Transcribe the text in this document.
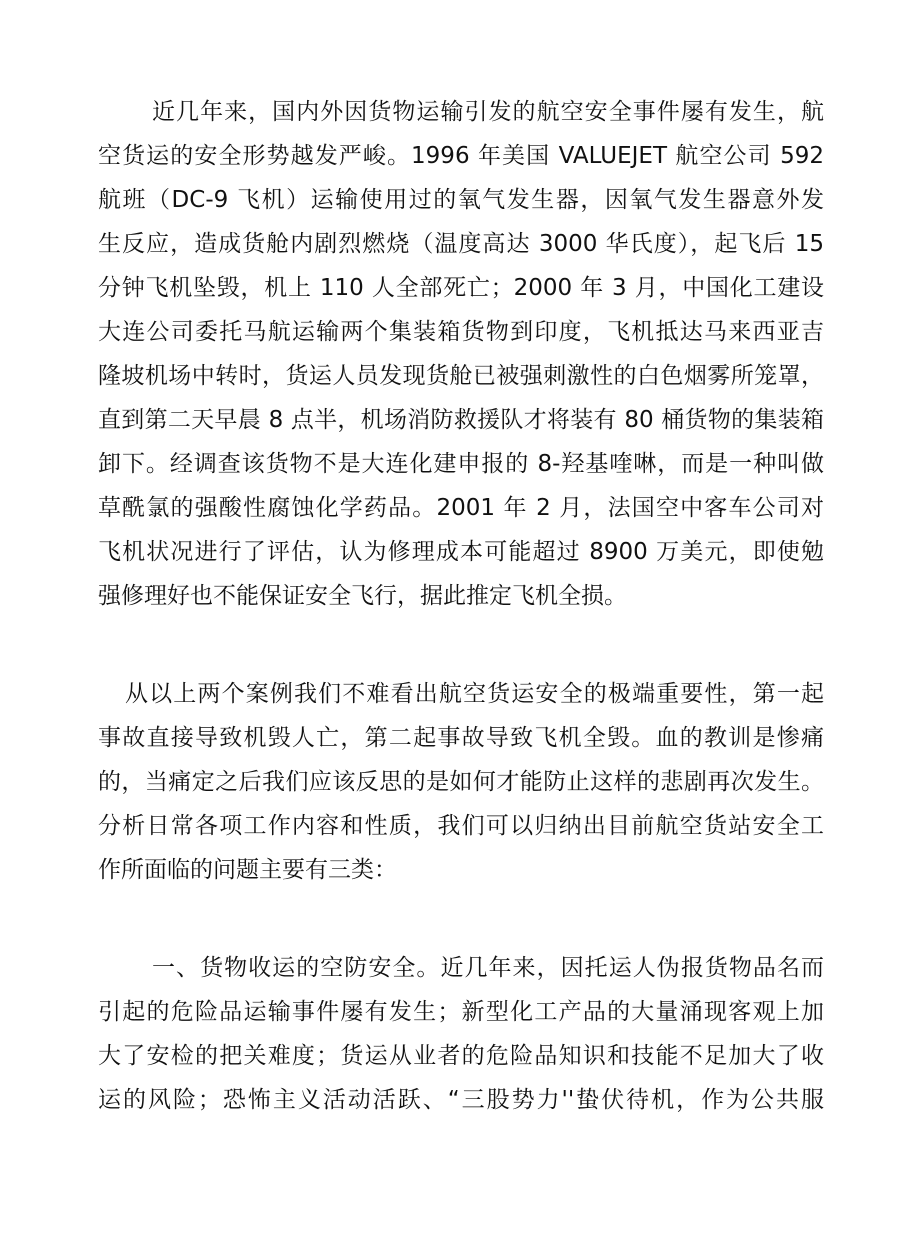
近几年来，国内外因货物运输引发的航空安全事件屡有发生，航
空货运的安全形势越发严峻。1996 年美国 VALUEJET 航空公司 592
航班（DC-9 飞机）运输使用过的氧气发生器，因氧气发生器意外发
生反应，造成货舱内剧烈燃烧（温度高达 3000 华氏度），起飞后 15
分钟飞机坠毁，机上 110 人全部死亡；2000 年 3 月，中国化工建设
大连公司委托马航运输两个集装箱货物到印度，飞机抵达马来西亚吉
隆坡机场中转时，货运人员发现货舱已被强刺激性的白色烟雾所笼罩，
直到第二天早晨 8 点半，机场消防救援队才将装有 80 桶货物的集装箱
卸下。经调查该货物不是大连化建申报的 8-羟基喹啉，而是一种叫做
草酰氯的强酸性腐蚀化学药品。2001 年 2 月，法国空中客车公司对
飞机状况进行了评估，认为修理成本可能超过 8900 万美元，即使勉
强修理好也不能保证安全飞行，据此推定飞机全损。
从以上两个案例我们不难看出航空货运安全的极端重要性，第一起
事故直接导致机毁人亡，第二起事故导致飞机全毁。血的教训是惨痛
的，当痛定之后我们应该反思的是如何才能防止这样的悲剧再次发生。
分析日常各项工作内容和性质，我们可以归纳出目前航空货站安全工
作所面临的问题主要有三类：
一、货物收运的空防安全。近几年来，因托运人伪报货物品名而
引起的危险品运输事件屡有发生；新型化工产品的大量涌现客观上加
大了安检的把关难度；货运从业者的危险品知识和技能不足加大了收
运的风险；恐怖主义活动活跃、“三股势力''蛰伏待机，作为公共服
